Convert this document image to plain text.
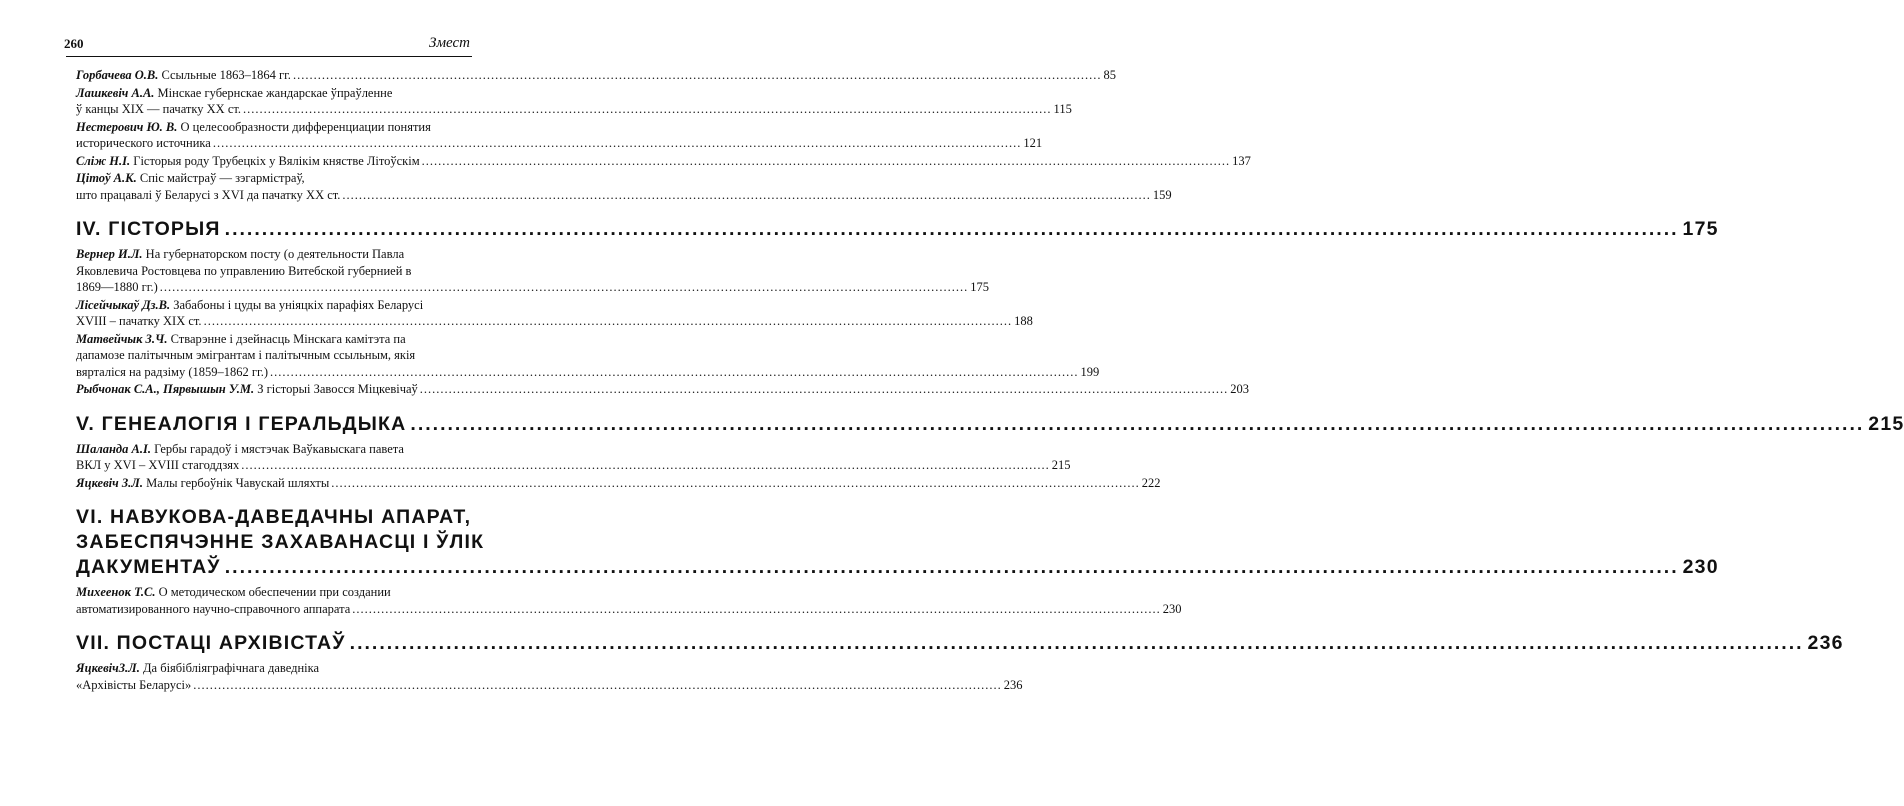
260	Змест
Горбачева О.В. Ссыльные 1863–1864 гг. .....	85
Лашкевіч А.А. Мінскае губернскае жандарскае ўпраўленне
ў канцы XIX — пачатку XX ст. .....	115
Нестерович Ю. В. О целесообразности дифференциации понятия
исторического источника .....	121
Сліж Н.І. Гісторыя роду Трубецкіх у Вялікім княстве Літоўскім .....	137
Цітоў А.К. Спіс майстраў — зэгармістраў,
што працавалі ў Беларусі з XVI да пачатку XX ст. .....	159
IV. ГІСТОРЫЯ .....	175
Вернер И.Л. На губернаторском посту (о деятельности Павла
Яковлевича Ростовцева по управлению Витебской губернией в
1869—1880 гг.) .....	175
Лісейчыкаў Дз.В. Забабоны і цуды ва уніяцкіх парафіях Беларусі
XVIII – пачатку XIX ст. .....	188
Матвейчык З.Ч. Стварэнне і дзейнасць Мінскага камітэта па
дапамозе палітычным эмігрантам і палітычным ссыльным, якія
вярталіся на радзіму (1859–1862 гг.) .....	199
Рыбчонак С.А., Пярвышын У.М. З гісторыі Завосся Міцкевічаў .....	203
V. ГЕНЕАЛОГІЯ І ГЕРАЛЬДЫКА .....	215
Шаланда А.І. Гербы гарадоў і мястэчак Ваўкавыскага павета
ВКЛ у XVI – XVIII стагоддзях .....	215
Яцкевіч З.Л. Малы гербоўнік Чавускай шляхты .....	222
VI. НАВУКОВА-ДАВЕДАЧНЫ АПАРАТ,
ЗАБЕСПЯЧЭННЕ ЗАХАВАНАСЦІ І ЎЛІК
ДАКУМЕНТАЎ .....	230
Михеенок Т.С. О методическом обеспечении при создании
автоматизированного научно-справочного аппарата .....	230
VII. ПОСТАЦІ АРХІВІСТАЎ .....	236
ЯцкевічЗ.Л. Да біябібліяграфічнага даведніка
«Архівісты Беларусі» .....	236
